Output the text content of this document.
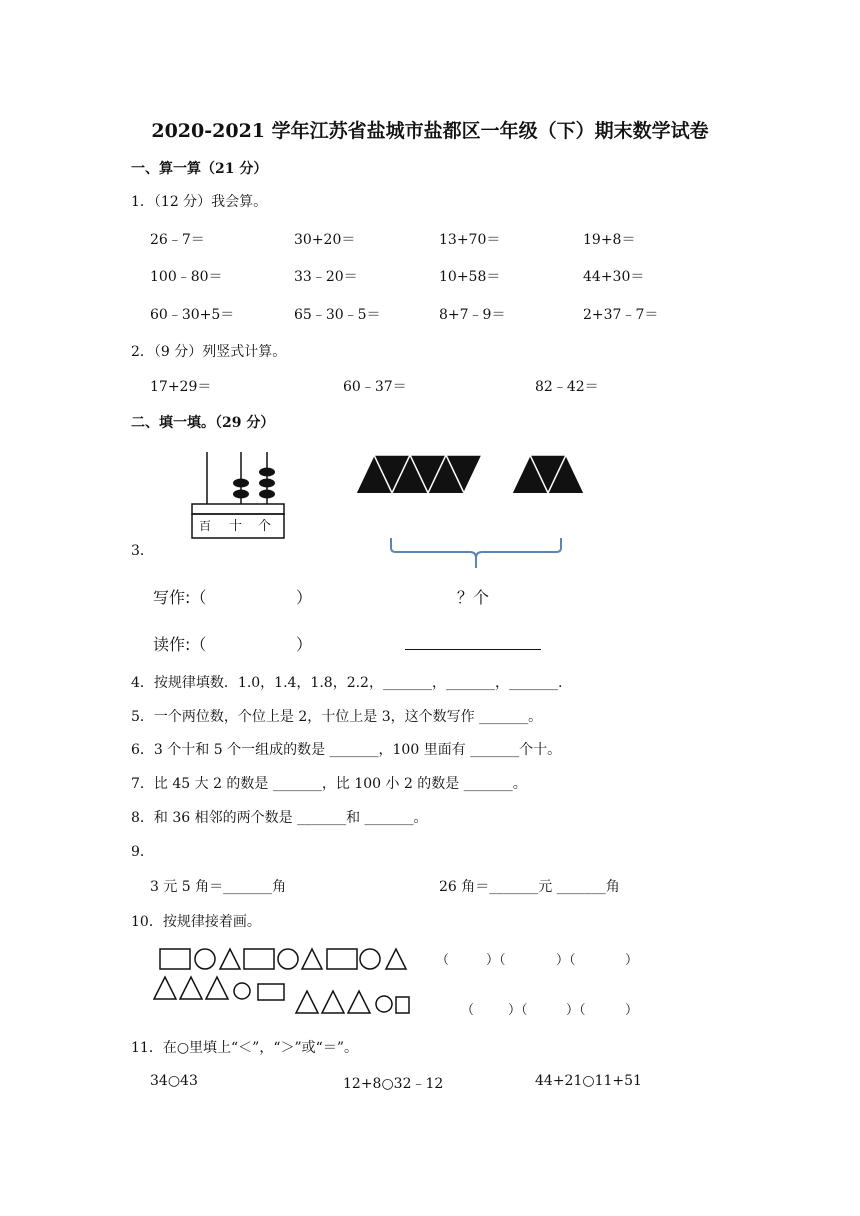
2020-2021 学年江苏省盐城市盐都区一年级（下）期末数学试卷
一、算一算（21 分）
1．（12 分）我会算。
26﹣7＝	30+20＝	13+70＝	19+8＝
100﹣80＝	33﹣20＝	10+58＝	44+30＝
60﹣30+5＝	65﹣30﹣5＝	8+7﹣9＝	2+37﹣7＝
2．（9 分）列竖式计算。
17+29＝	60﹣37＝	82﹣42＝
二、填一填。（29 分）
3．
百 十 个
写作:（	）	？个
读作:（	）
4．按规律填数．1.0，1.4，1.8，2.2，_______，_______，_______.
5．一个两位数，个位上是 2，十位上是 3，这个数写作 _______。
6．3 个十和 5 个一组成的数是 _______，100 里面有 _______个十。
7．比 45 大 2 的数是 _______，比 100 小 2 的数是 _______。
8．和 36 相邻的两个数是 _______和 _______。
9．
3 元 5 角＝_______角	26 角＝_______元 _______角
10．按规律接着画。
（	）（	）（	）
（	）（	）（	）
11．在○里填上“＜”，“＞”或“＝”。
34○43	12+8○32﹣12	44+21○11+51
